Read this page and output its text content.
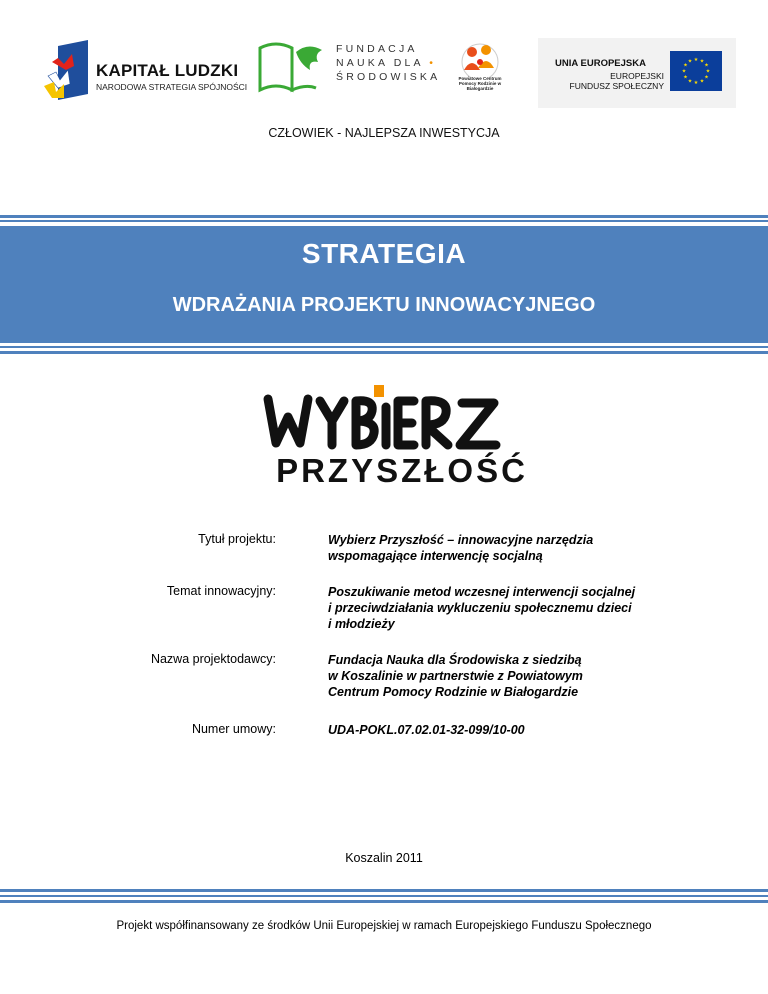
KAPITAŁ LUDZKI
NARODOWA STRATEGIA SPÓJNOŚCI
FUNDACJA
NAUKA DLA •
ŚRODOWISKA	Powiatowe Centrum Pomocy Rodzinie w Białogardzie
UNIA EUROPEJSKA
EUROPEJSKI
FUNDUSZ SPOŁECZNY
★ ★
★
★
★
★
★
★
★
★
★
★
CZŁOWIEK - NAJLEPSZA INWESTYCJA
STRATEGIA
WDRAŻANIA PROJEKTU INNOWACYJNEGO
PRZYSZŁOŚĆ
Tytuł projektu:	Wybierz Przyszłość – innowacyjne narzędzia
wspomagające interwencję socjalną
Temat innowacyjny:	Poszukiwanie metod wczesnej interwencji socjalnej
i przeciwdziałania wykluczeniu społecznemu dzieci
i młodzieży
Nazwa projektodawcy:	Fundacja Nauka dla Środowiska z siedzibą
w Koszalinie w partnerstwie z Powiatowym
Centrum Pomocy Rodzinie w Białogardzie
Numer umowy:	UDA-POKL.07.02.01-32-099/10-00
Koszalin 2011
Projekt współfinansowany ze środków Unii Europejskiej w ramach Europejskiego Funduszu Społecznego
